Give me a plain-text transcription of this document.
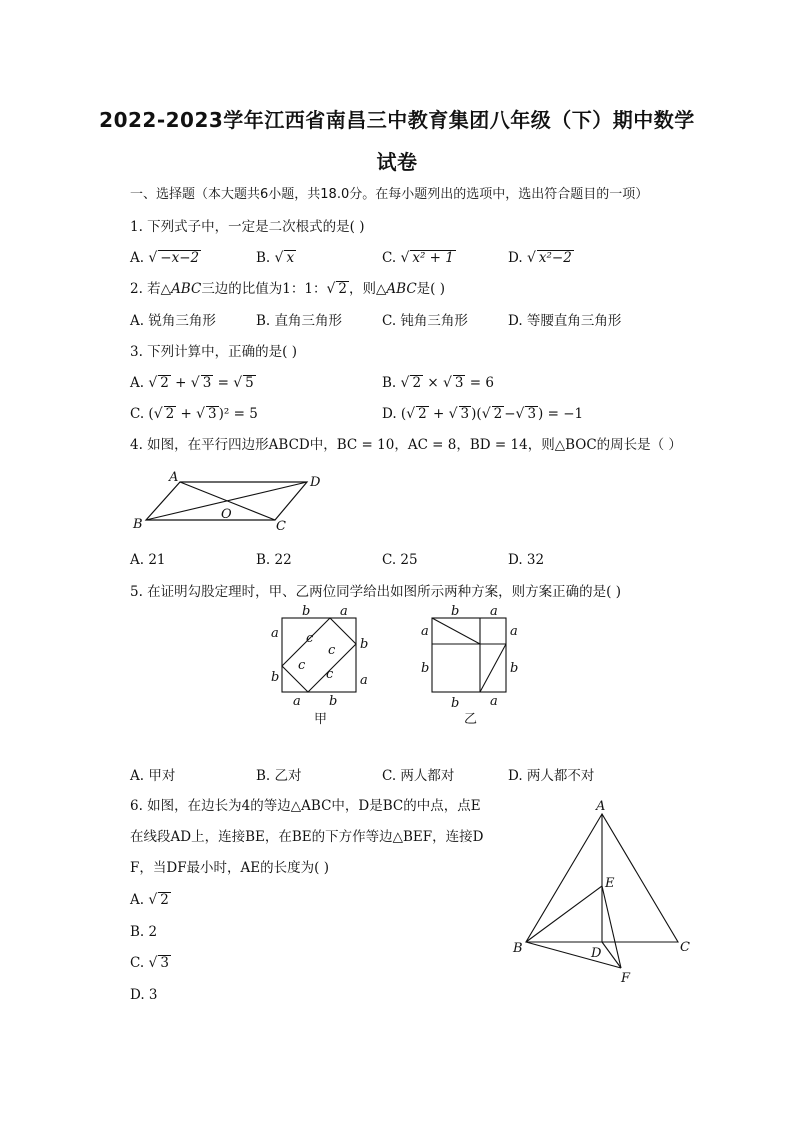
2022-2023学年江西省南昌三中教育集团八年级（下）期中数学
试卷
一、选择题（本大题共6小题，共18.0分。在每小题列出的选项中，选出符合题目的一项）
1. 下列式子中，一定是二次根式的是( )
A. √ −x−2	B. √ x	C. √ x² + 1	D. √ x²−2
2. 若△ABC三边的比值为1：1：√ 2 ，则△ABC是( )
A. 锐角三角形	B. 直角三角形	C. 钝角三角形	D. 等腰直角三角形
3. 下列计算中，正确的是( )
A. √ 2 + √ 3 = √ 5	B. √ 2 × √ 3 = 6
C. (√ 2 + √ 3 )² = 5	D. (√ 2 + √ 3 )(√ 2 −√ 3 ) = −1
4. 如图，在平行四边形ABCD中，BC = 10，AC = 8，BD = 14，则△BOC的周长是（ ）
A	D
B	C
O
A. 21	B. 22	C. 25	D. 32
5. 在证明勾股定理时，甲、乙两位同学给出如图所示两种方案，则方案正确的是( )
b a
a
b
b	a
a b
c
c
c
c
甲
b a
a	a
b	b
b a
乙
A. 甲对	B. 乙对	C. 两人都对	D. 两人都不对
6. 如图，在边长为4的等边△ABC中，D是BC的中点，点E
在线段AD上，连接BE，在BE的下方作等边△BEF，连接D
F，当DF最小时，AE的长度为( )
A. √ 2
B. 2
C. √ 3
D. 3
A
B	C
D
E
F
